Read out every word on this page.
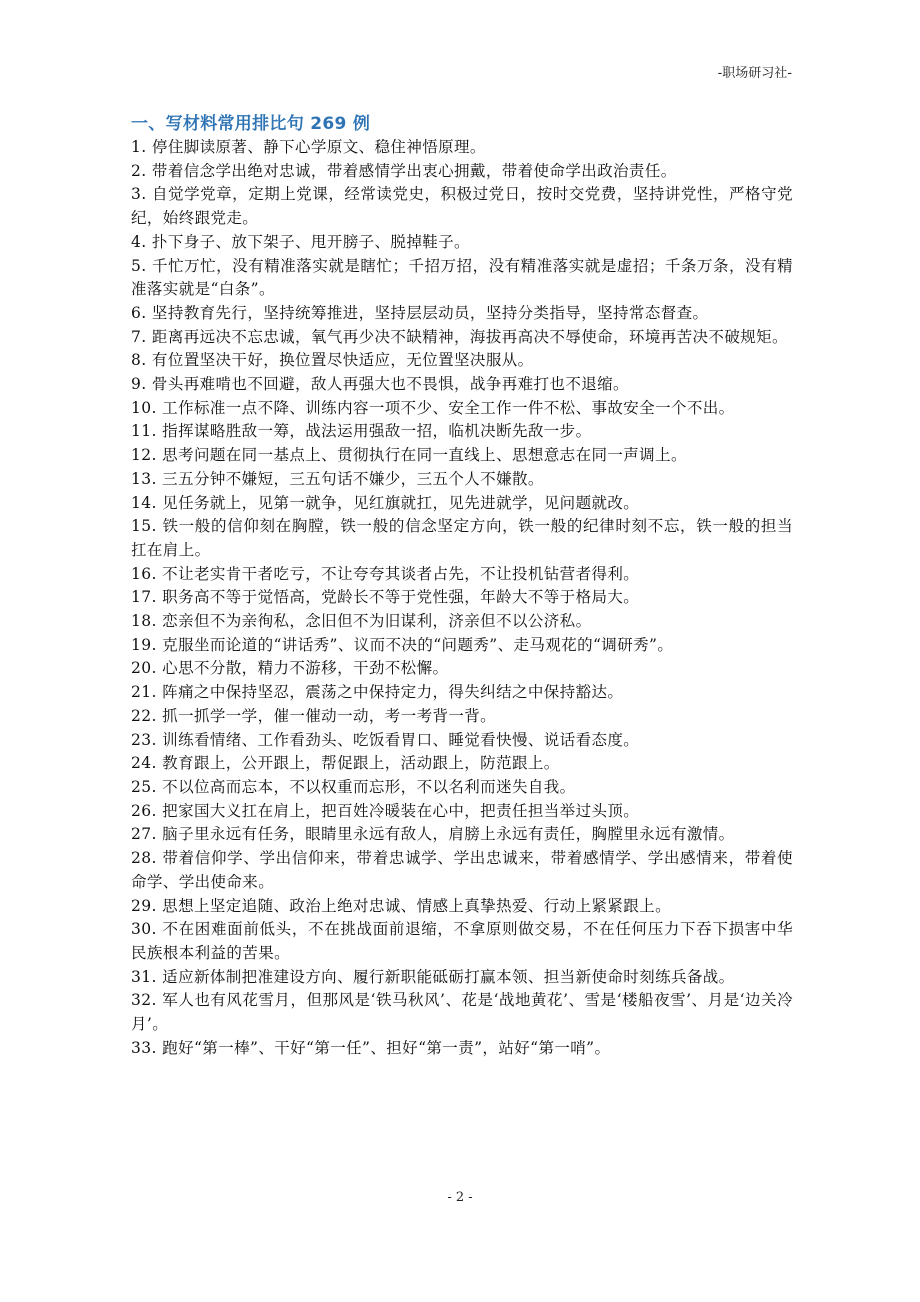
-职场研习社-

一、写材料常用排比句 269 例

1. 停住脚读原著、静下心学原文、稳住神悟原理。

2. 带着信念学出绝对忠诚，带着感情学出衷心拥戴，带着使命学出政治责任。

3. 自觉学党章，定期上党课，经常读党史，积极过党日，按时交党费，坚持讲党性，严格守党纪，始终跟党走。

4. 扑下身子、放下架子、甩开膀子、脱掉鞋子。

5. 千忙万忙，没有精准落实就是瞎忙；千招万招，没有精准落实就是虚招；千条万条，没有精准落实就是“白条”。

6. 坚持教育先行，坚持统筹推进，坚持层层动员，坚持分类指导，坚持常态督查。

7. 距离再远决不忘忠诚，氧气再少决不缺精神，海拔再高决不辱使命，环境再苦决不破规矩。

8. 有位置坚决干好，换位置尽快适应，无位置坚决服从。

9. 骨头再难啃也不回避，敌人再强大也不畏惧，战争再难打也不退缩。

10. 工作标准一点不降、训练内容一项不少、安全工作一件不松、事故安全一个不出。

11. 指挥谋略胜敌一筹，战法运用强敌一招，临机决断先敌一步。

12. 思考问题在同一基点上、贯彻执行在同一直线上、思想意志在同一声调上。

13. 三五分钟不嫌短，三五句话不嫌少，三五个人不嫌散。

14. 见任务就上，见第一就争，见红旗就扛，见先进就学，见问题就改。

15. 铁一般的信仰刻在胸膛，铁一般的信念坚定方向，铁一般的纪律时刻不忘，铁一般的担当扛在肩上。

16. 不让老实肯干者吃亏，不让夸夸其谈者占先，不让投机钻营者得利。

17. 职务高不等于觉悟高，党龄长不等于党性强，年龄大不等于格局大。

18. 恋亲但不为亲徇私，念旧但不为旧谋利，济亲但不以公济私。

19. 克服坐而论道的“讲话秀”、议而不决的“问题秀”、走马观花的“调研秀”。

20. 心思不分散，精力不游移，干劲不松懈。

21. 阵痛之中保持坚忍，震荡之中保持定力，得失纠结之中保持豁达。

22. 抓一抓学一学，催一催动一动，考一考背一背。

23. 训练看情绪、工作看劲头、吃饭看胃口、睡觉看快慢、说话看态度。

24. 教育跟上，公开跟上，帮促跟上，活动跟上，防范跟上。

25. 不以位高而忘本，不以权重而忘形，不以名利而迷失自我。

26. 把家国大义扛在肩上，把百姓冷暖装在心中，把责任担当举过头顶。

27. 脑子里永远有任务，眼睛里永远有敌人，肩膀上永远有责任，胸膛里永远有激情。

28. 带着信仰学、学出信仰来，带着忠诚学、学出忠诚来，带着感情学、学出感情来，带着使命学、学出使命来。

29. 思想上坚定追随、政治上绝对忠诚、情感上真挚热爱、行动上紧紧跟上。

30. 不在困难面前低头，不在挑战面前退缩，不拿原则做交易，不在任何压力下吞下损害中华民族根本利益的苦果。

31. 适应新体制把准建设方向、履行新职能砥砺打赢本领、担当新使命时刻练兵备战。

32. 军人也有风花雪月，但那风是‘铁马秋风’、花是‘战地黄花’、雪是‘楼船夜雪’、月是‘边关冷月’。

33. 跑好“第一棒”、干好“第一任”、担好“第一责”，站好“第一哨”。

- 2 -
